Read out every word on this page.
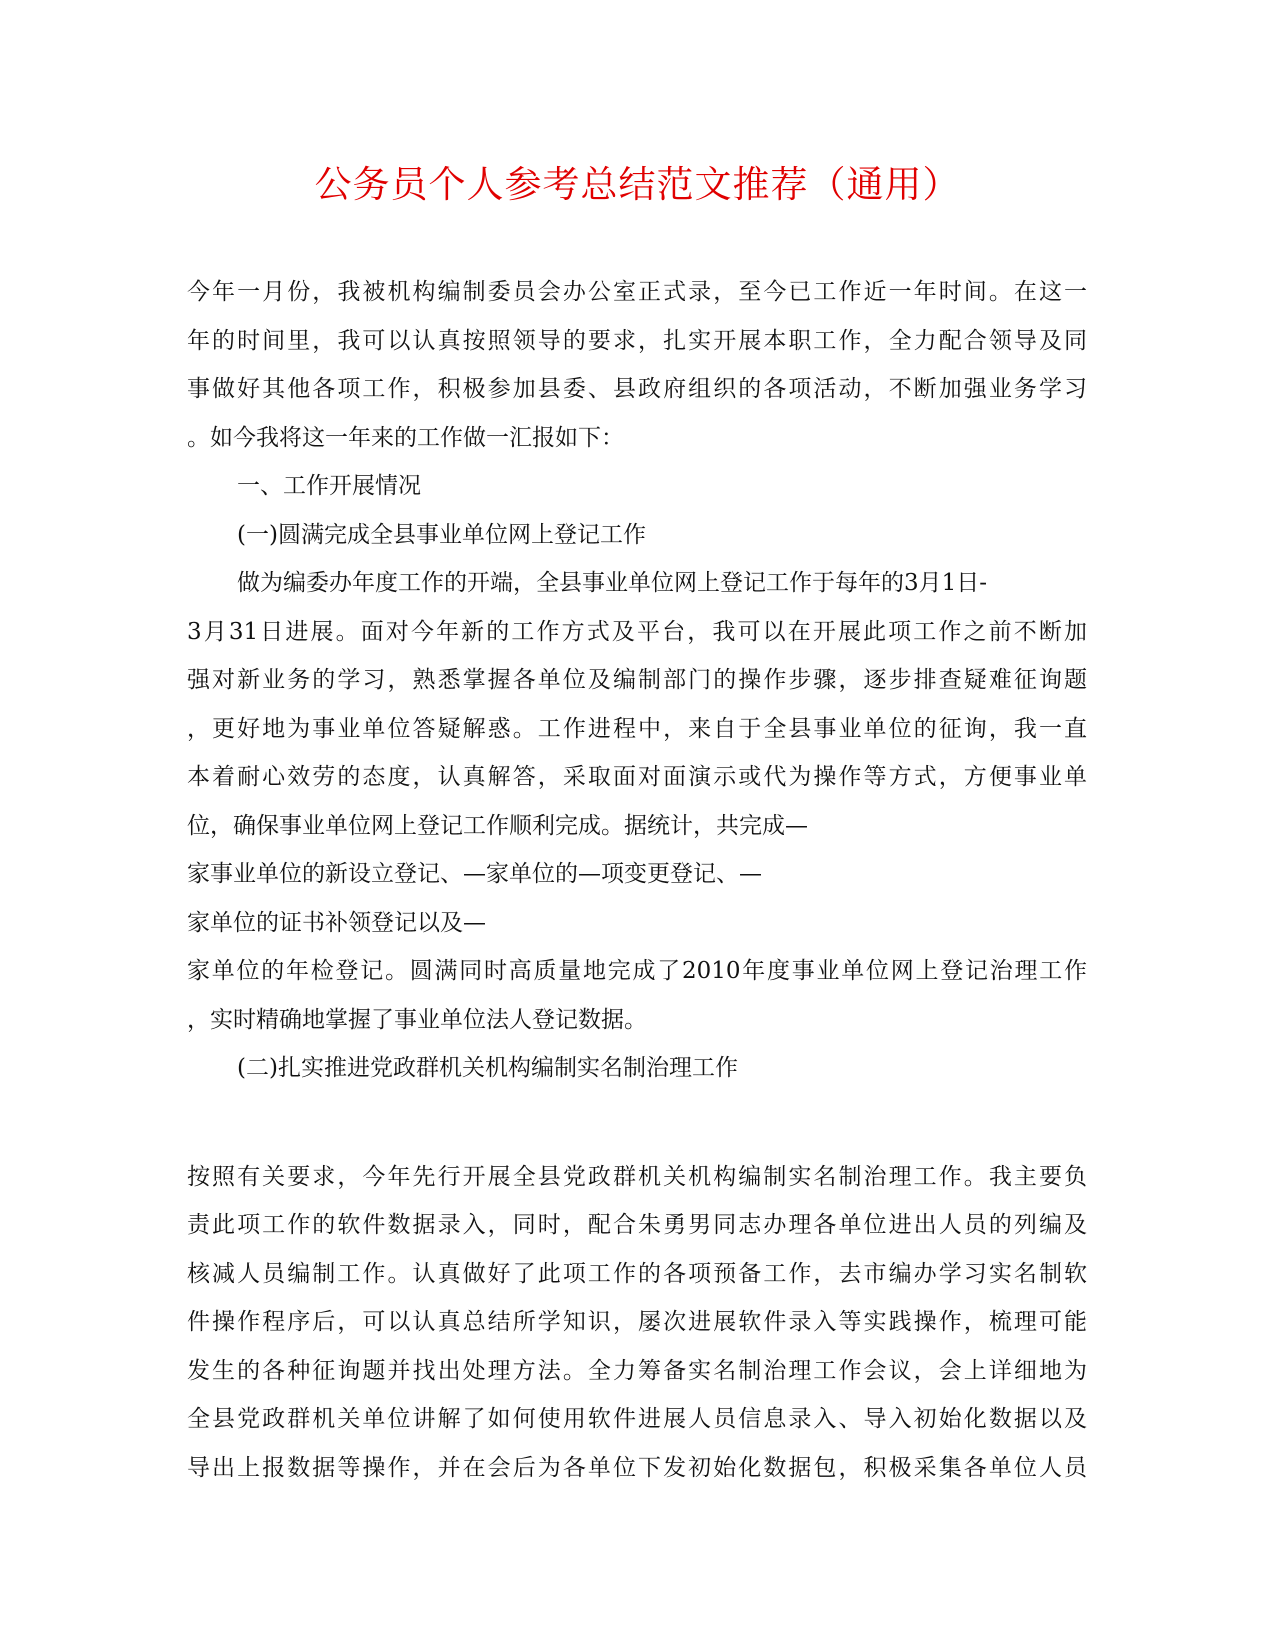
公务员个人参考总结范文推荐（通用）
今年一月份，我被机构编制委员会办公室正式录，至今已工作近一年时间。在这一
年的时间里，我可以认真按照领导的要求，扎实开展本职工作，全力配合领导及同
事做好其他各项工作，积极参加县委、县政府组织的各项活动，不断加强业务学习
。如今我将这一年来的工作做一汇报如下：
一、工作开展情况
(一)圆满完成全县事业单位网上登记工作
做为编委办年度工作的开端，全县事业单位网上登记工作于每年的3月1日-
3月31日进展。面对今年新的工作方式及平台，我可以在开展此项工作之前不断加
强对新业务的学习，熟悉掌握各单位及编制部门的操作步骤，逐步排查疑难征询题
，更好地为事业单位答疑解惑。工作进程中，来自于全县事业单位的征询，我一直
本着耐心效劳的态度，认真解答，采取面对面演示或代为操作等方式，方便事业单
位，确保事业单位网上登记工作顺利完成。据统计，共完成—
家事业单位的新设立登记、—家单位的—项变更登记、—
家单位的证书补领登记以及—
家单位的年检登记。圆满同时高质量地完成了2010年度事业单位网上登记治理工作
，实时精确地掌握了事业单位法人登记数据。
(二)扎实推进党政群机关机构编制实名制治理工作
按照有关要求，今年先行开展全县党政群机关机构编制实名制治理工作。我主要负
责此项工作的软件数据录入，同时，配合朱勇男同志办理各单位进出人员的列编及
核减人员编制工作。认真做好了此项工作的各项预备工作，去市编办学习实名制软
件操作程序后，可以认真总结所学知识，屡次进展软件录入等实践操作，梳理可能
发生的各种征询题并找出处理方法。全力筹备实名制治理工作会议，会上详细地为
全县党政群机关单位讲解了如何使用软件进展人员信息录入、导入初始化数据以及
导出上报数据等操作，并在会后为各单位下发初始化数据包，积极采集各单位人员
